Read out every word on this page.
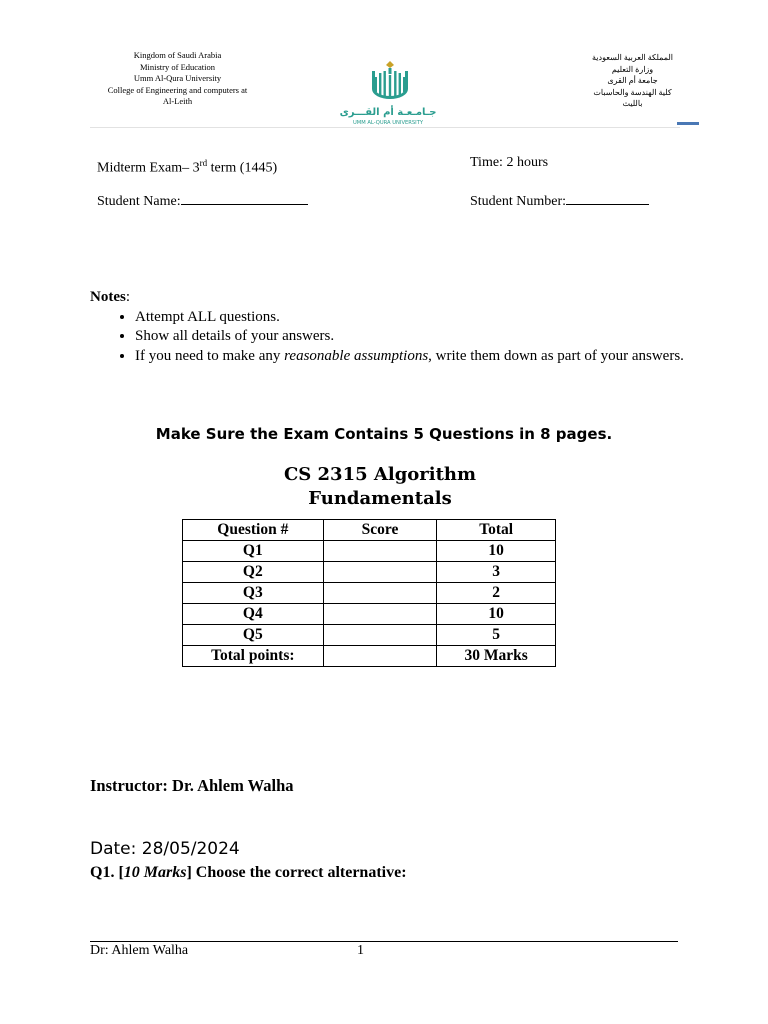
Kingdom of Saudi Arabia
Ministry of Education
Umm Al-Qura University
College of Engineering and computers at
Al-Leith
جـامـعـة أم القـــرى
UMM AL-QURA UNIVERSITY
المملكة العربية السعودية
وزارة التعليم
جامعة أم القرى
كلية الهندسة والحاسبات
بالليث
Midterm Exam– 3rd term (1445)	Time: 2 hours
Student Name:	Student Number:
Notes:
• Attempt ALL questions.
• Show all details of your answers.
• If you need to make any reasonable assumptions, write them down as part of your answers.
Make Sure the Exam Contains 5 Questions in 8 pages.
CS 2315 Algorithm
Fundamentals
Question #	Score	Total
Q1		10
Q2		3
Q3		2
Q4		10
Q5		5
Total points:		30 Marks
Instructor: Dr. Ahlem Walha
Date: 28/05/2024
Q1. [10 Marks] Choose the correct alternative:
Dr: Ahlem Walha	1
